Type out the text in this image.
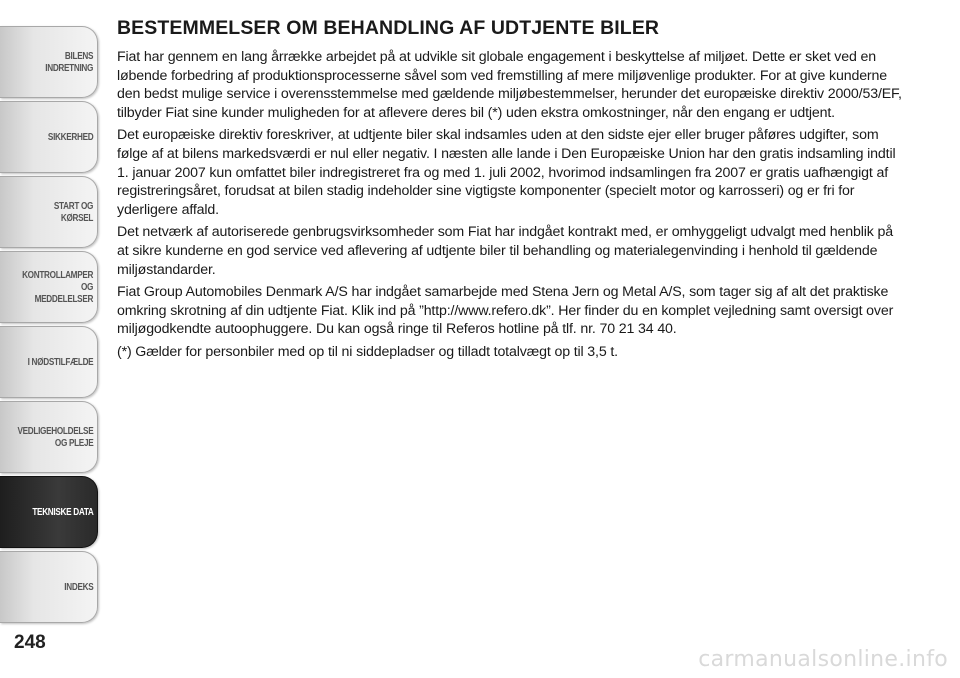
BILENS INDRETNING
SIKKERHED
START OG KØRSEL
KONTROLLAMPER
OG MEDDELELSER
I NØDSTILFÆLDE
VEDLIGEHOLDELSE
OG PLEJE
TEKNISKE DATA
INDEKS
248
BESTEMMELSER OM BEHANDLING AF UDTJENTE BILER

Fiat har gennem en lang årrække arbejdet på at udvikle sit globale engagement i beskyttelse af miljøet. Dette er sket ved en løbende forbedring af produktionsprocesserne såvel som ved fremstilling af mere miljøvenlige produkter. For at give kunderne den bedst mulige service i overensstemmelse med gældende miljøbestemmelser, herunder det europæiske direktiv 2000/53/EF, tilbyder Fiat sine kunder muligheden for at aflevere deres bil (*) uden ekstra omkostninger, når den engang er udtjent.

Det europæiske direktiv foreskriver, at udtjente biler skal indsamles uden at den sidste ejer eller bruger påføres udgifter, som følge af at bilens markedsværdi er nul eller negativ. I næsten alle lande i Den Europæiske Union har den gratis indsamling indtil 1. januar 2007 kun omfattet biler indregistreret fra og med 1. juli 2002, hvorimod indsamlingen fra 2007 er gratis uafhængigt af registreringsåret, forudsat at bilen stadig indeholder sine vigtigste komponenter (specielt motor og karrosseri) og er fri for yderligere affald.

Det netværk af autoriserede genbrugsvirksomheder som Fiat har indgået kontrakt med, er omhyggeligt udvalgt med henblik på at sikre kunderne en god service ved aflevering af udtjente biler til behandling og materialegenvinding i henhold til gældende miljøstandarder.

Fiat Group Automobiles Denmark A/S har indgået samarbejde med Stena Jern og Metal A/S, som tager sig af alt det praktiske omkring skrotning af din udtjente Fiat. Klik ind på ”http://www.refero.dk”. Her finder du en komplet vejledning samt oversigt over miljøgodkendte autoophuggere. Du kan også ringe til Referos hotline på tlf. nr. 70 21 34 40.

(*) Gælder for personbiler med op til ni siddepladser og tilladt totalvægt op til 3,5 t.

carmanualsonline.info
